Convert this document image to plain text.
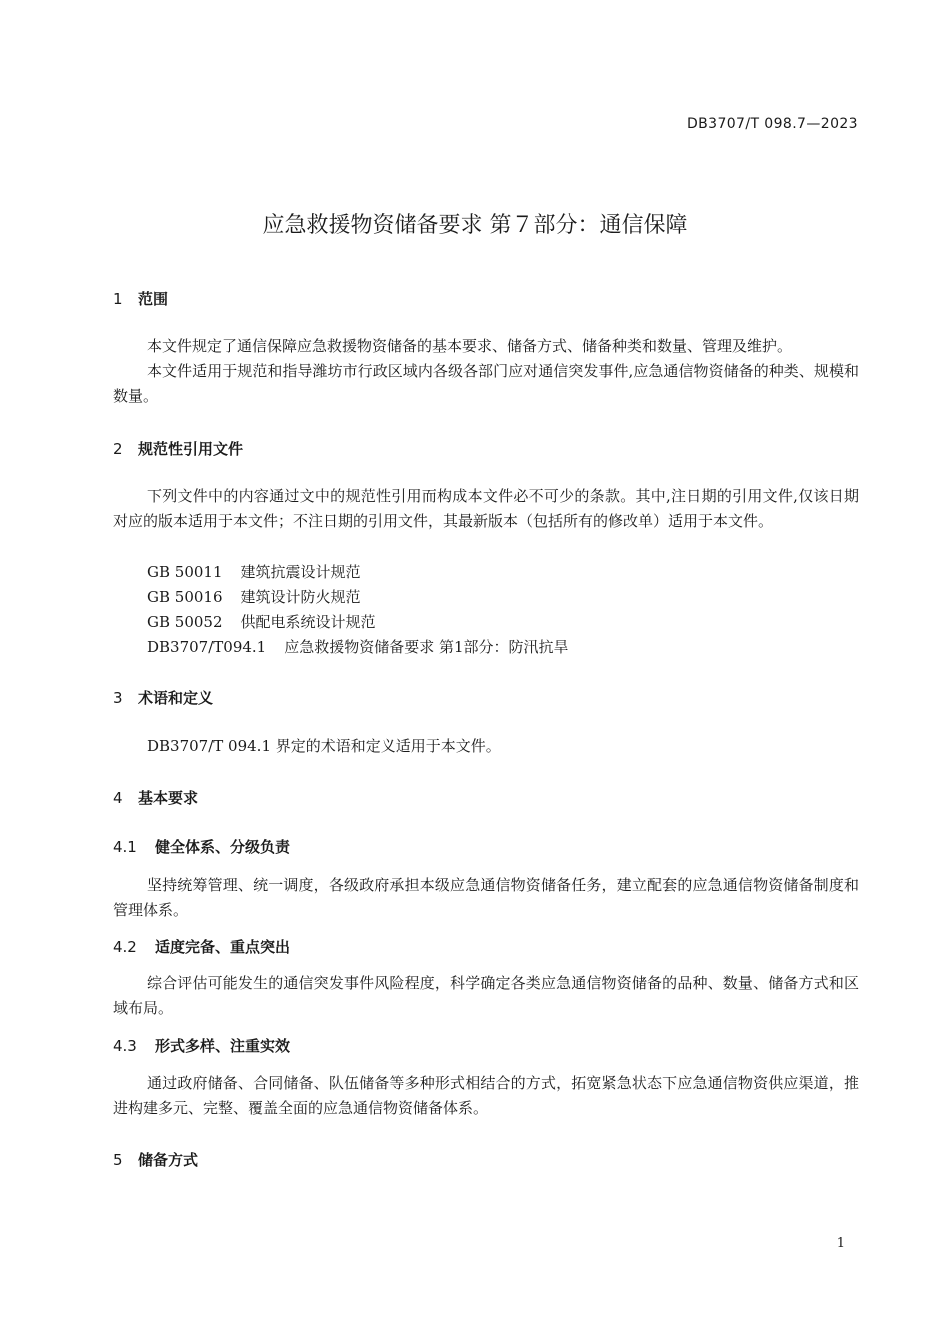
DB3707/T 098.7—2023
应急救援物资储备要求 第７部分：通信保障
1 范围
本文件规定了通信保障应急救援物资储备的基本要求、储备方式、储备种类和数量、管理及维护。
本文件适用于规范和指导潍坊市行政区域内各级各部门应对通信突发事件,应急通信物资储备的种类、规模和数量。
2 规范性引用文件
下列文件中的内容通过文中的规范性引用而构成本文件必不可少的条款。其中,注日期的引用文件,仅该日期对应的版本适用于本文件；不注日期的引用文件，其最新版本（包括所有的修改单）适用于本文件。
GB 50011 建筑抗震设计规范
GB 50016 建筑设计防火规范
GB 50052 供配电系统设计规范
DB3707/T094.1 应急救援物资储备要求 第1部分：防汛抗旱
3 术语和定义
DB3707/T 094.1 界定的术语和定义适用于本文件。
4 基本要求
4.1 健全体系、分级负责
坚持统筹管理、统一调度，各级政府承担本级应急通信物资储备任务，建立配套的应急通信物资储备制度和管理体系。
4.2 适度完备、重点突出
综合评估可能发生的通信突发事件风险程度，科学确定各类应急通信物资储备的品种、数量、储备方式和区域布局。
4.3 形式多样、注重实效
通过政府储备、合同储备、队伍储备等多种形式相结合的方式，拓宽紧急状态下应急通信物资供应渠道，推进构建多元、完整、覆盖全面的应急通信物资储备体系。
5 储备方式
1
